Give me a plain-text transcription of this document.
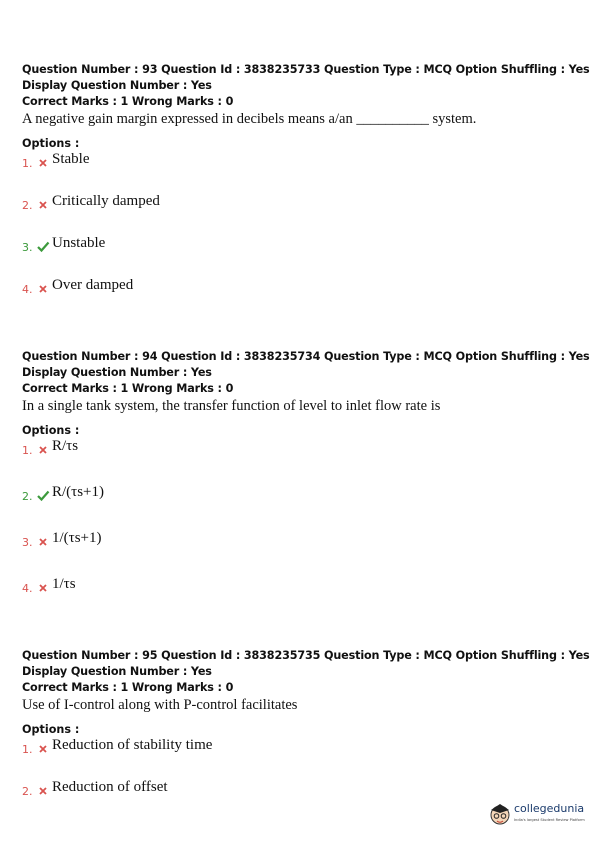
Question Number : 93 Question Id : 3838235733 Question Type : MCQ Option Shuffling : Yes
Display Question Number : Yes
Correct Marks : 1 Wrong Marks : 0
A negative gain margin expressed in decibels means a/an __________ system.
Options :
1. Stable
2. Critically damped
3. Unstable
4. Over damped
Question Number : 94 Question Id : 3838235734 Question Type : MCQ Option Shuffling : Yes
Display Question Number : Yes
Correct Marks : 1 Wrong Marks : 0
In a single tank system, the transfer function of level to inlet flow rate is
Options :
1. R/τs
2. R/(τs+1)
3. 1/(τs+1)
4. 1/τs
Question Number : 95 Question Id : 3838235735 Question Type : MCQ Option Shuffling : Yes
Display Question Number : Yes
Correct Marks : 1 Wrong Marks : 0
Use of I-control along with P-control facilitates
Options :
1. Reduction of stability time
2. Reduction of offset
collegedunia
India's largest Student Review Platform
